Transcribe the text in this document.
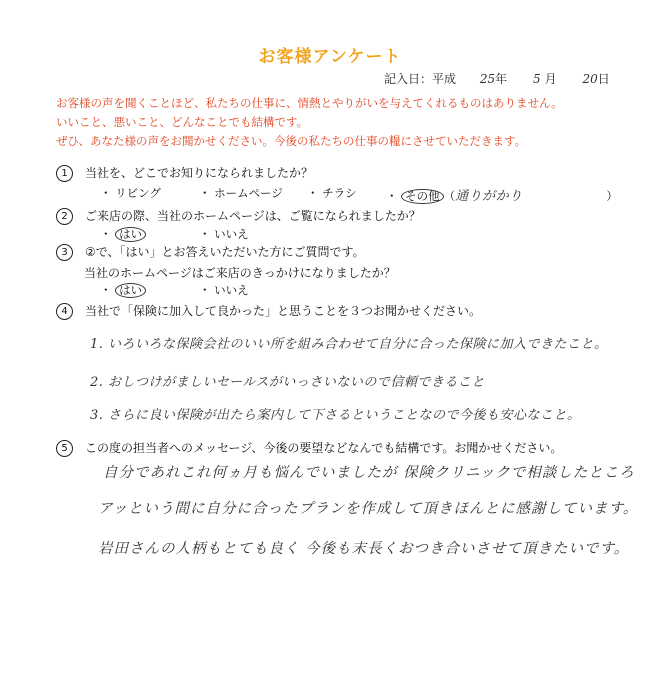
お客様アンケート
記入日：平成 25年 5 月 20日
お客様の声を聞くことほど、私たちの仕事に、情熱とやりがいを与えてくれるものはありません。
いいこと、悪いこと、どんなことでも結構です。
ぜひ、あなた様の声をお聞かせください。今後の私たちの仕事の糧にさせていただきます。
1 当社を、どこでお知りになられましたか？
・ リビング	・ ホームページ ・ チラシ	・ その他 （通りがかり	）
2 ご来店の際、当社のホームページは、ご覧になられましたか？
・ はい	・ いいえ
3 ②で、「はい」とお答えいただいた方にご質問です。
当社のホームページはご来店のきっかけになりましたか？
・ はい	・ いいえ
4 当社で「保険に加入して良かった」と思うことを３つお聞かせください。
1. いろいろな保険会社のいい所を組み合わせて自分に合った保険に加入できたこと。
2. おしつけがましいセールスがいっさいないので信頼できること
3. さらに良い保険が出たら案内して下さるということなので今後も安心なこと。
5 この度の担当者へのメッセージ、今後の要望などなんでも結構です。お聞かせください。
自分であれこれ何ヵ月も悩んでいましたが 保険クリニックで相談したところ
アッという間に自分に合ったプランを作成して頂きほんとに感謝しています。
岩田さんの人柄もとても良く 今後も末長くおつき合いさせて頂きたいです。
